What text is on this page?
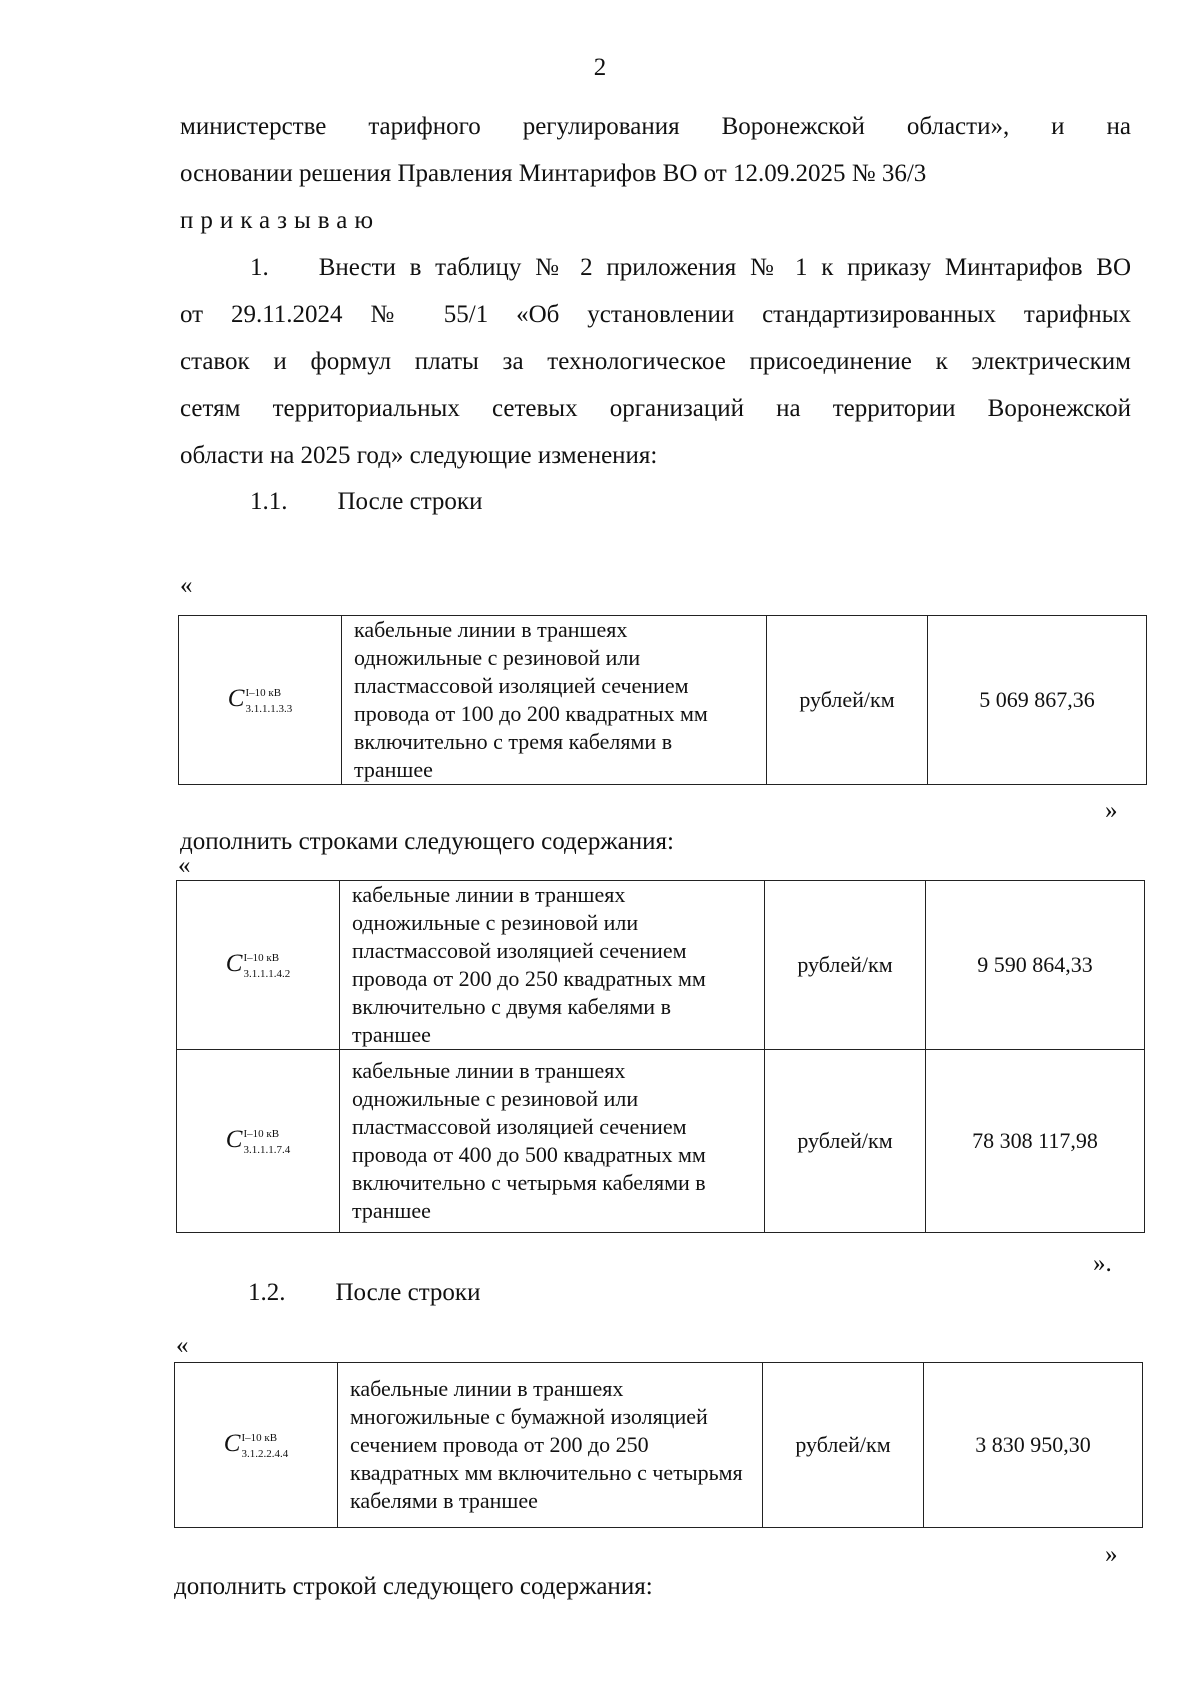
2
министерстве тарифного регулирования Воронежской области», и на
основании решения Правления Минтарифов ВО от 12.09.2025 № 36/3
приказываю
1.  Внести в таблицу № 2 приложения № 1 к приказу Минтарифов ВО
от 29.11.2024 № 55/1 «Об установлении стандартизированных тарифных
ставок и формул платы за технологическое присоединение к электрическим
сетям территориальных сетевых организаций на территории Воронежской
области на 2025 год» следующие изменения:
1.1.  После строки
«
C I–10 кВ
3.1.1.1.3.3
	кабельные линии в траншеях одножильные с резиновой или пластмассовой изоляцией сечением провода от 100 до 200 квадратных мм включительно с тремя кабелями в траншее	рублей/км	5 069 867,36
»
дополнить строками следующего содержания:
«
C I–10 кВ
3.1.1.1.4.2	кабельные линии в траншеях одножильные с резиновой или пластмассовой изоляцией сечением провода от 200 до 250 квадратных мм включительно с двумя кабелями в траншее	рублей/км	9 590 864,33
C I–10 кВ
3.1.1.1.7.4	кабельные линии в траншеях одножильные с резиновой или пластмассовой изоляцией сечением провода от 400 до 500 квадратных мм включительно с четырьмя кабелями в траншее	рублей/км	78 308 117,98
».
1.2.  После строки
«
C I–10 кВ
3.1.2.2.4.4
	кабельные линии в траншеях многожильные с бумажной изоляцией сечением провода от 200 до 250 квадратных мм включительно с четырьмя кабелями в траншее	рублей/км	3 830 950,30
»
дополнить строкой следующего содержания:
